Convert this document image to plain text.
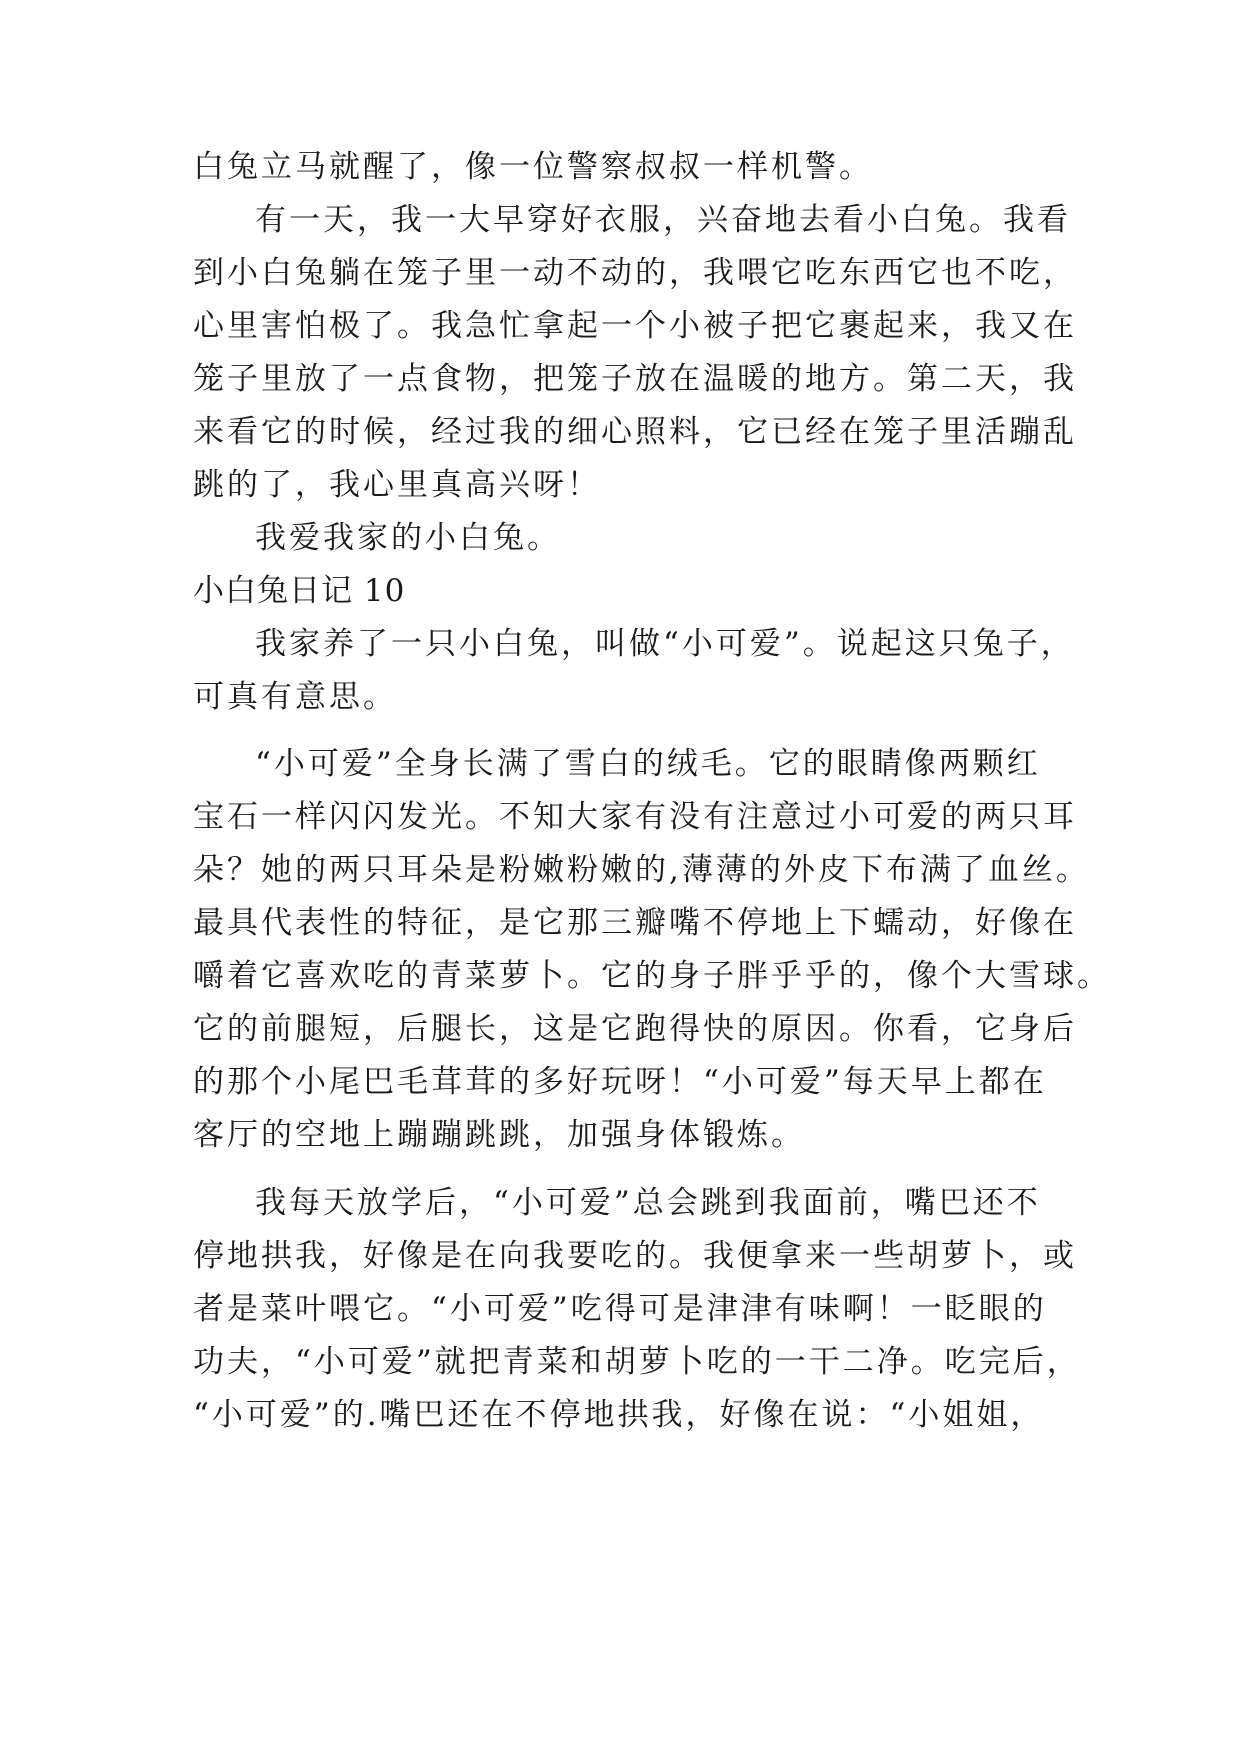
白兔立马就醒了，像一位警察叔叔一样机警。

有一天，我一大早穿好衣服，兴奋地去看小白兔。我看

到小白兔躺在笼子里一动不动的，我喂它吃东西它也不吃，

心里害怕极了。我急忙拿起一个小被子把它裹起来，我又在

笼子里放了一点食物，把笼子放在温暖的地方。第二天，我

来看它的时候，经过我的细心照料，它已经在笼子里活蹦乱

跳的了，我心里真高兴呀！

我爱我家的小白兔。

小白兔日记 10

我家养了一只小白兔，叫做“小可爱”。说起这只兔子，

可真有意思。

“小可爱”全身长满了雪白的绒毛。它的眼睛像两颗红

宝石一样闪闪发光。不知大家有没有注意过小可爱的两只耳

朵？她的两只耳朵是粉嫩粉嫩的,薄薄的外皮下布满了血丝。

最具代表性的特征，是它那三瓣嘴不停地上下蠕动，好像在

嚼着它喜欢吃的青菜萝卜。它的身子胖乎乎的，像个大雪球。

它的前腿短，后腿长，这是它跑得快的原因。你看，它身后

的那个小尾巴毛茸茸的多好玩呀！“小可爱”每天早上都在

客厅的空地上蹦蹦跳跳，加强身体锻炼。

我每天放学后，“小可爱”总会跳到我面前，嘴巴还不

停地拱我，好像是在向我要吃的。我便拿来一些胡萝卜，或

者是菜叶喂它。“小可爱”吃得可是津津有味啊！一眨眼的

功夫，“小可爱”就把青菜和胡萝卜吃的一干二净。吃完后，

“小可爱”的.嘴巴还在不停地拱我，好像在说：“小姐姐，
